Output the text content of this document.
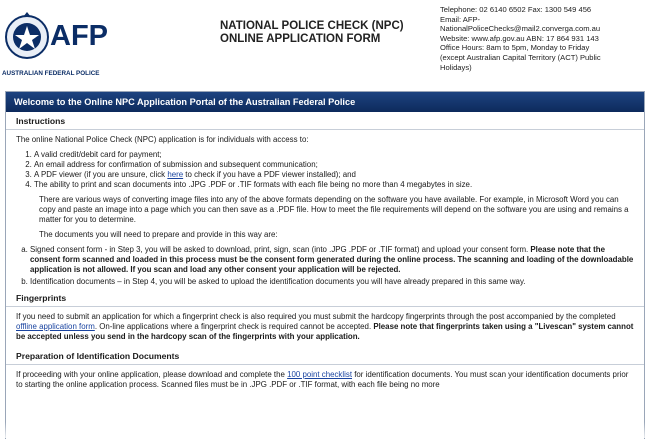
AFP
AUSTRALIAN FEDERAL POLICE
NATIONAL POLICE CHECK (NPC)
ONLINE APPLICATION FORM
Telephone: 02 6140 6502 Fax: 1300 549 456
Email: AFP-
NationalPoliceChecks@mail2.converga.com.au
Website: www.afp.gov.au ABN: 17 864 931 143
Office Hours: 8am to 5pm, Monday to Friday
(except Australian Capital Territory (ACT) Public
Holidays)
Welcome to the Online NPC Application Portal of the Australian Federal Police
Instructions

The online National Police Check (NPC) application is for individuals with access to:

1. A valid credit/debit card for payment;
2. An email address for confirmation of submission and subsequent communication;
3. A PDF viewer (if you are unsure, click here to check if you have a PDF viewer installed); and
4. The ability to print and scan documents into .JPG .PDF or .TIF formats with each file being no more than 4 megabytes in size.

There are various ways of converting image files into any of the above formats depending on the software you have available. For example, in Microsoft Word you can copy and paste an image into a page which you can then save as a .PDF file. How to meet the file requirements will depend on the software you are using and remains a matter for you to determine.

The documents you will need to prepare and provide in this way are:

a. Signed consent form - in Step 3, you will be asked to download, print, sign, scan (into .JPG .PDF or .TIF format) and upload your consent form. Please note that the consent form scanned and loaded in this process must be the consent form generated during the online process. The scanning and loading of the downloadable application is not allowed. If you scan and load any other consent your application will be rejected.
b. Identification documents – in Step 4, you will be asked to upload the identification documents you will have already prepared in this same way.
Fingerprints

If you need to submit an application for which a fingerprint check is also required you must submit the hardcopy fingerprints through the post accompanied by the completed offline application form. On-line applications where a fingerprint check is required cannot be accepted. Please note that fingerprints taken using a "Livescan" system cannot be accepted unless you send in the hardcopy scan of the fingerprints with your application.

Preparation of Identification Documents

If proceeding with your online application, please download and complete the 100 point checklist for identification documents. You must scan your identification documents prior to starting the online application process. Scanned files must be in .JPG .PDF or .TIF format, with each file being no more
